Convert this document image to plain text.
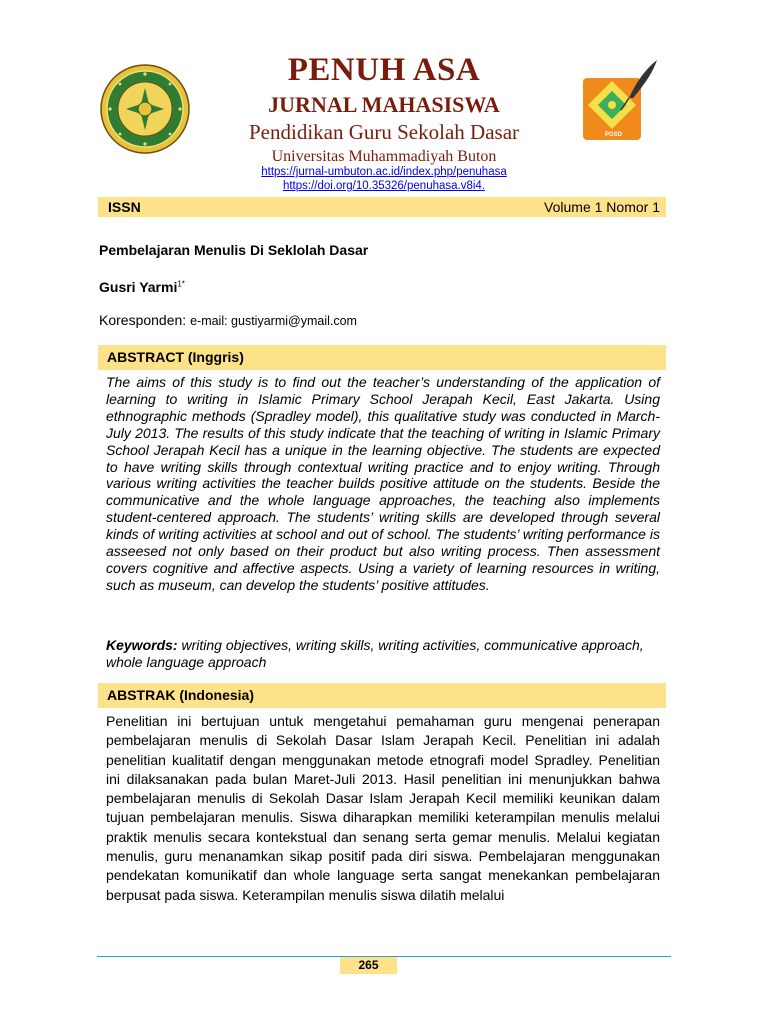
PGSD
PENUH ASA
JURNAL MAHASISWA
Pendidikan Guru Sekolah Dasar
Universitas Muhammadiyah Buton
https://jurnal-umbuton.ac.id/index.php/penuhasa
https://doi.org/10.35326/penuhasa.v8i4.
ISSN	Volume 1 Nomor 1
Pembelajaran Menulis Di Seklolah Dasar
Gusri Yarmi$^{1*}$
Koresponden: e-mail: gustiyarmi@ymail.com
ABSTRACT (Inggris)
The aims of this study is to find out the teacher’s understanding of the application of learning to writing in Islamic Primary School Jerapah Kecil, East Jakarta. Using ethnographic methods (Spradley model), this qualitative study was conducted in March-July 2013. The results of this study indicate that the teaching of writing in Islamic Primary School Jerapah Kecil has a unique in the learning objective. The students are expected to have writing skills through contextual writing practice and to enjoy writing. Through various writing activities the teacher builds positive attitude on the students. Beside the communicative and the whole language approaches, the teaching also implements student-centered approach. The students’ writing skills are developed through several kinds of writing activities at school and out of school. The students’ writing performance is asseesed not only based on their product but also writing process. Then assessment covers cognitive and affective aspects. Using a variety of learning resources in writing, such as museum, can develop the students’ positive attitudes.
Keywords: writing objectives, writing skills, writing activities, communicative approach, whole language approach
ABSTRAK (Indonesia)
Penelitian ini bertujuan untuk mengetahui pemahaman guru mengenai penerapan pembelajaran menulis di Sekolah Dasar Islam Jerapah Kecil. Penelitian ini adalah penelitian kualitatif dengan menggunakan metode etnografi model Spradley. Penelitian ini dilaksanakan pada bulan Maret-Juli 2013. Hasil penelitian ini menunjukkan bahwa pembelajaran menulis di Sekolah Dasar Islam Jerapah Kecil memiliki keunikan dalam tujuan pembelajaran menulis. Siswa diharapkan memiliki keterampilan menulis melalui praktik menulis secara kontekstual dan senang serta gemar menulis. Melalui kegiatan menulis, guru menanamkan sikap positif pada diri siswa. Pembelajaran menggunakan pendekatan komunikatif dan whole language serta sangat menekankan pembelajaran berpusat pada siswa. Keterampilan menulis siswa dilatih melalui
265
